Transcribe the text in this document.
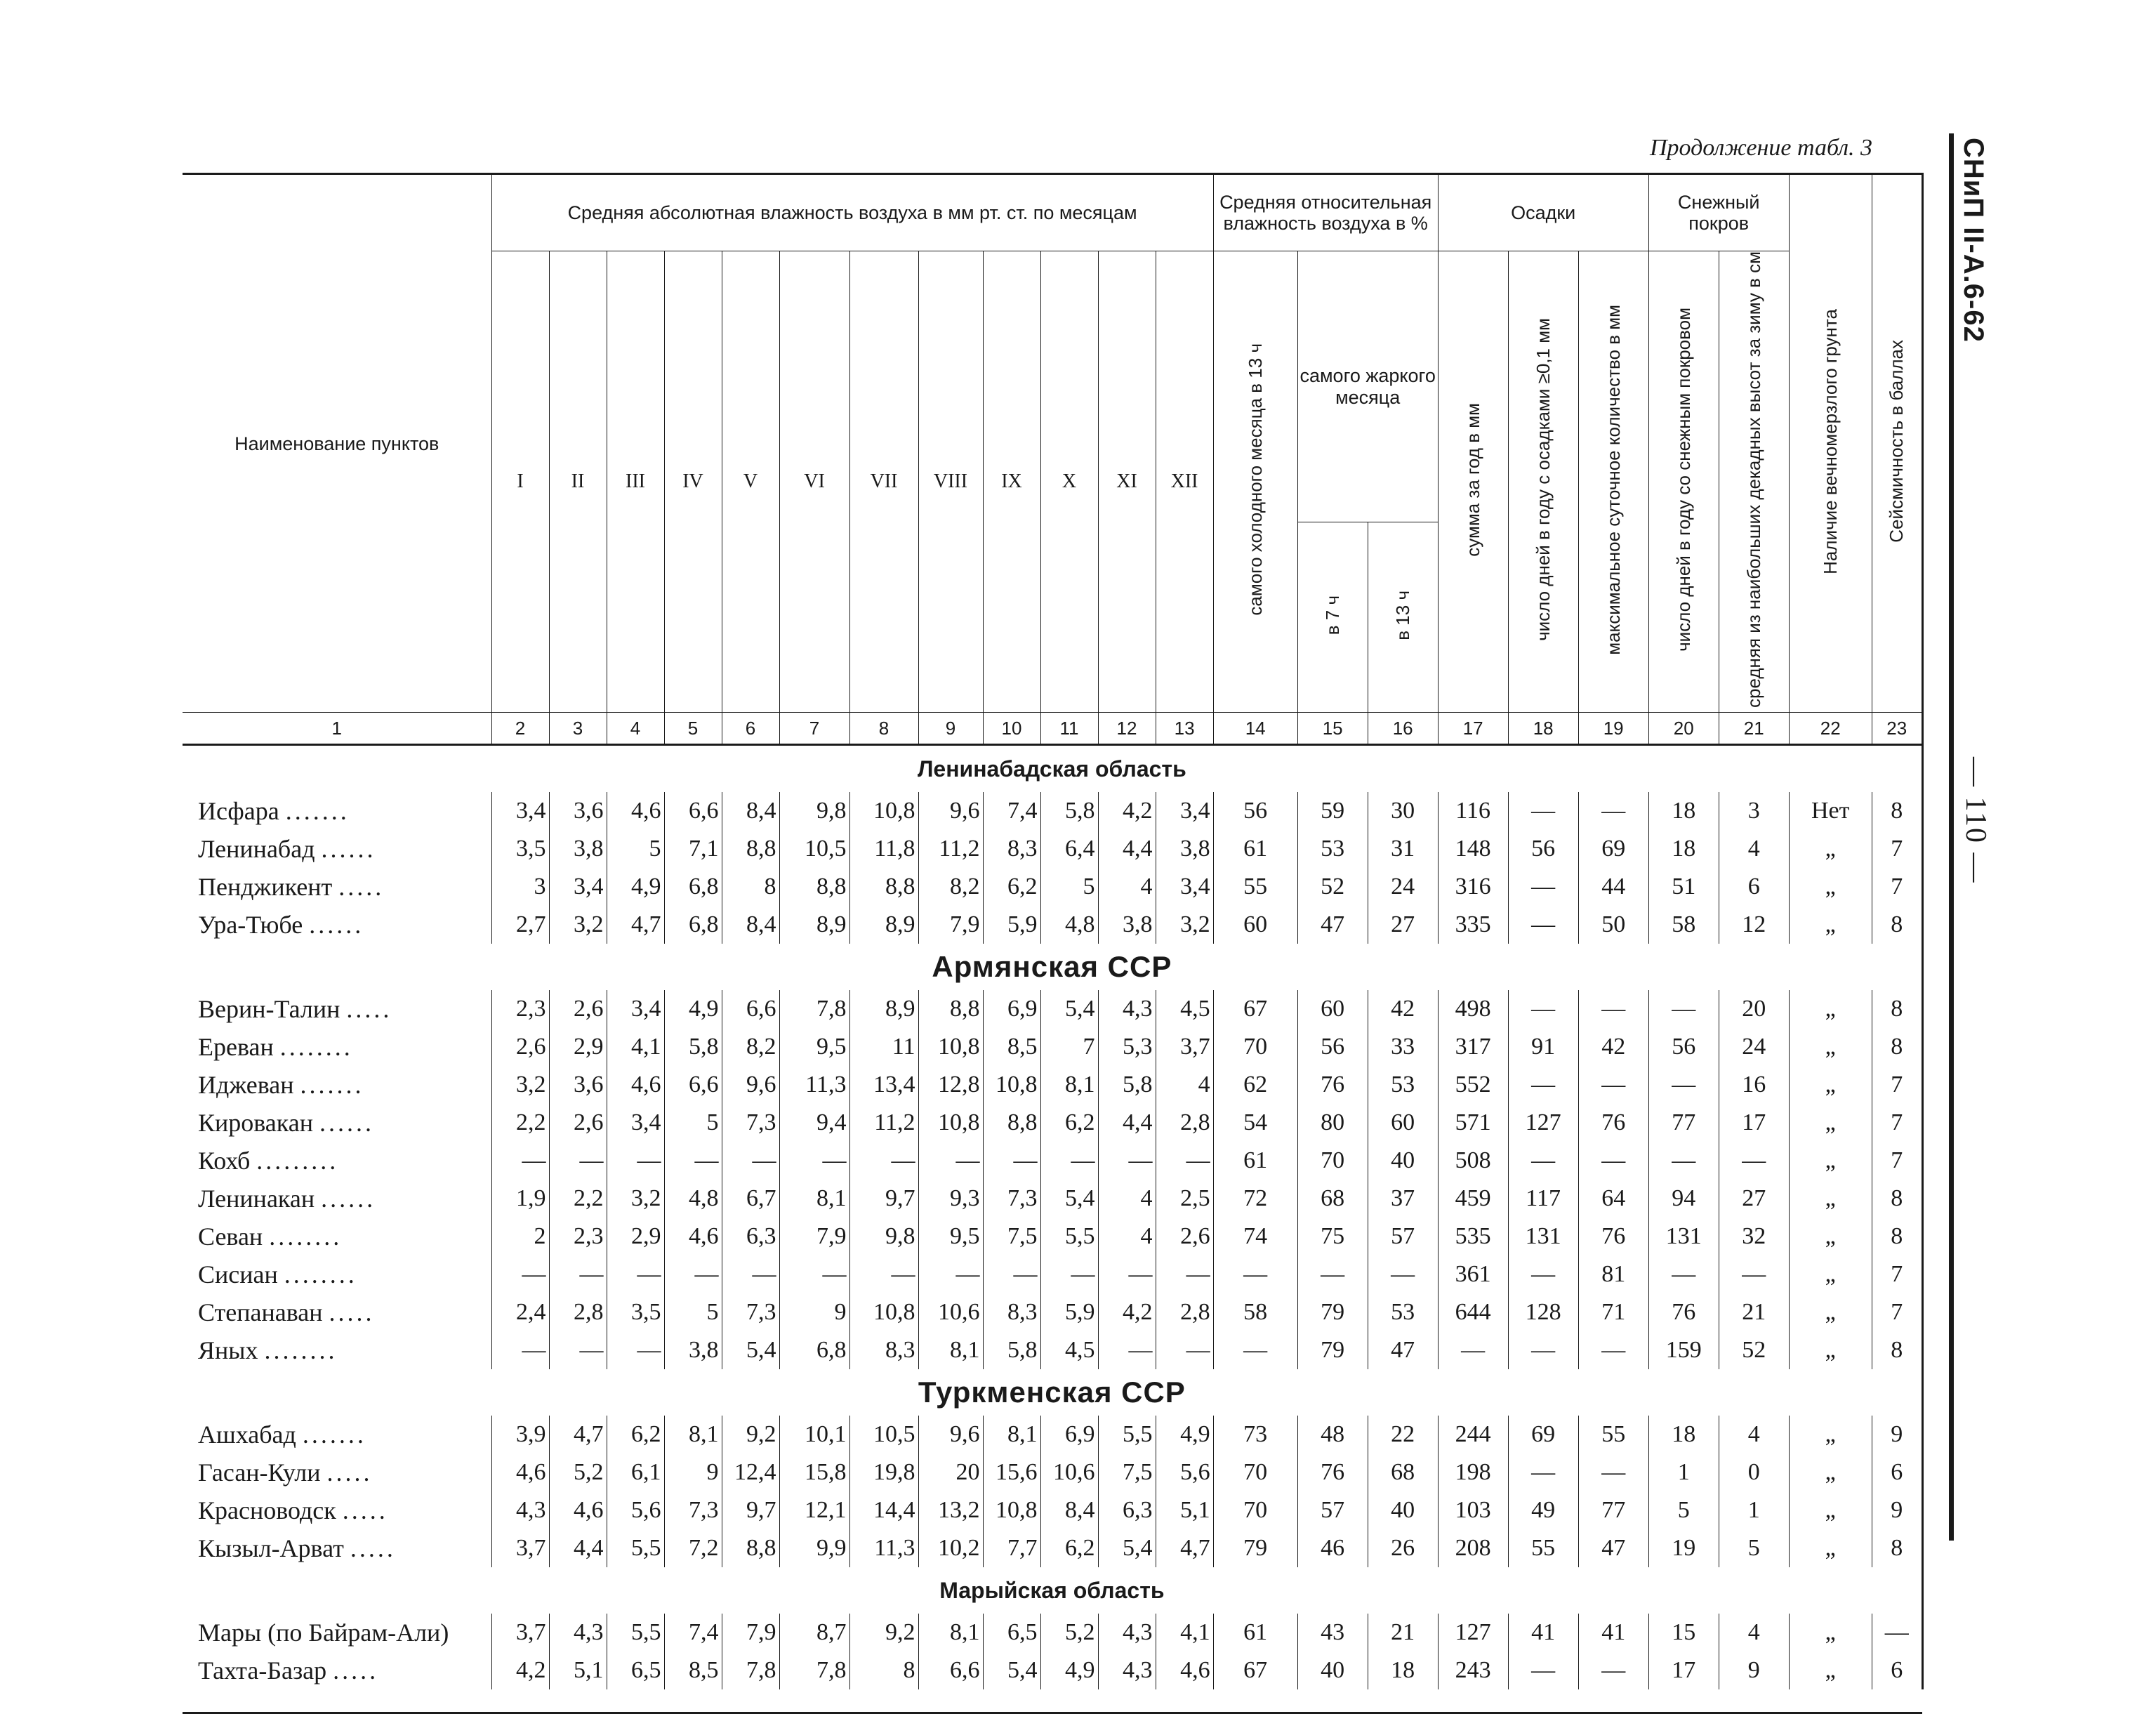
Продолжение табл. 3	СНиП II-А.6-62
— 110 —
Наименование пунктов	Средняя абсолютная влажность воздуха в мм рт. ст. по месяцам												Средняя относительная влажность воздуха в %			Осадки			Снежный покров		Наличие вечномерзлого грунта	Сейсмичность в баллах
	I	II	III	IV	V	VI	VII	VIII	IX	X	XI	XII	самого холодного месяца в 13 ч	самого жаркого месяца		сумма за год в мм	число дней в году с осадками ≥0,1 мм	максимальное суточное количество в мм	число дней в году со снежным покровом	средняя из наибольших декадных высот за зиму в см		
														в 7 ч	в 13 ч							
1	2	3	4	5	6	7	8	9	10	11	12	13	14	15	16	17	18	19	20	21	22	23
Ленинабадская область																						
Исфара .......	3,4	3,6	4,6	6,6	8,4	9,8	10,8	9,6	7,4	5,8	4,2	3,4	56	59	30	116	—	—	18	3	Нет	8
Ленинабад ......	3,5	3,8	5	7,1	8,8	10,5	11,8	11,2	8,3	6,4	4,4	3,8	61	53	31	148	56	69	18	4	„	7
Пенджикент .....	3	3,4	4,9	6,8	8	8,8	8,8	8,2	6,2	5	4	3,4	55	52	24	316	—	44	51	6	„	7
Ура-Тюбе ......	2,7	3,2	4,7	6,8	8,4	8,9	8,9	7,9	5,9	4,8	3,8	3,2	60	47	27	335	—	50	58	12	„	8
Армянская ССР																						
Верин-Талин .....	2,3	2,6	3,4	4,9	6,6	7,8	8,9	8,8	6,9	5,4	4,3	4,5	67	60	42	498	—	—	—	20	„	8
Ереван ........	2,6	2,9	4,1	5,8	8,2	9,5	11	10,8	8,5	7	5,3	3,7	70	56	33	317	91	42	56	24	„	8
Иджеван .......	3,2	3,6	4,6	6,6	9,6	11,3	13,4	12,8	10,8	8,1	5,8	4	62	76	53	552	—	—	—	16	„	7
Кировакан ......	2,2	2,6	3,4	5	7,3	9,4	11,2	10,8	8,8	6,2	4,4	2,8	54	80	60	571	127	76	77	17	„	7
Кохб .........	—	—	—	—	—	—	—	—	—	—	—	—	61	70	40	508	—	—	—	—	„	7
Ленинакан ......	1,9	2,2	3,2	4,8	6,7	8,1	9,7	9,3	7,3	5,4	4	2,5	72	68	37	459	117	64	94	27	„	8
Севан ........	2	2,3	2,9	4,6	6,3	7,9	9,8	9,5	7,5	5,5	4	2,6	74	75	57	535	131	76	131	32	„	8
Сисиан ........	—	—	—	—	—	—	—	—	—	—	—	—	—	—	—	361	—	81	—	—	„	7
Степанаван .....	2,4	2,8	3,5	5	7,3	9	10,8	10,6	8,3	5,9	4,2	2,8	58	79	53	644	128	71	76	21	„	7
Яных ........	—	—	—	3,8	5,4	6,8	8,3	8,1	5,8	4,5	—	—	—	79	47	—	—	—	159	52	„	8
Туркменская ССР																						
Ашхабад .......	3,9	4,7	6,2	8,1	9,2	10,1	10,5	9,6	8,1	6,9	5,5	4,9	73	48	22	244	69	55	18	4	„	9
Гасан-Кули .....	4,6	5,2	6,1	9	12,4	15,8	19,8	20	15,6	10,6	7,5	5,6	70	76	68	198	—	—	1	0	„	6
Красноводск .....	4,3	4,6	5,6	7,3	9,7	12,1	14,4	13,2	10,8	8,4	6,3	5,1	70	57	40	103	49	77	5	1	„	9
Кызыл-Арват .....	3,7	4,4	5,5	7,2	8,8	9,9	11,3	10,2	7,7	6,2	5,4	4,7	79	46	26	208	55	47	19	5	„	8
Марыйская область																						
Мары (по Байрам-Али)	3,7	4,3	5,5	7,4	7,9	8,7	9,2	8,1	6,5	5,2	4,3	4,1	61	43	21	127	41	41	15	4	„	—
Тахта-Базар .....	4,2	5,1	6,5	8,5	7,8	7,8	8	6,6	5,4	4,9	4,3	4,6	67	40	18	243	—	—	17	9	„	6
